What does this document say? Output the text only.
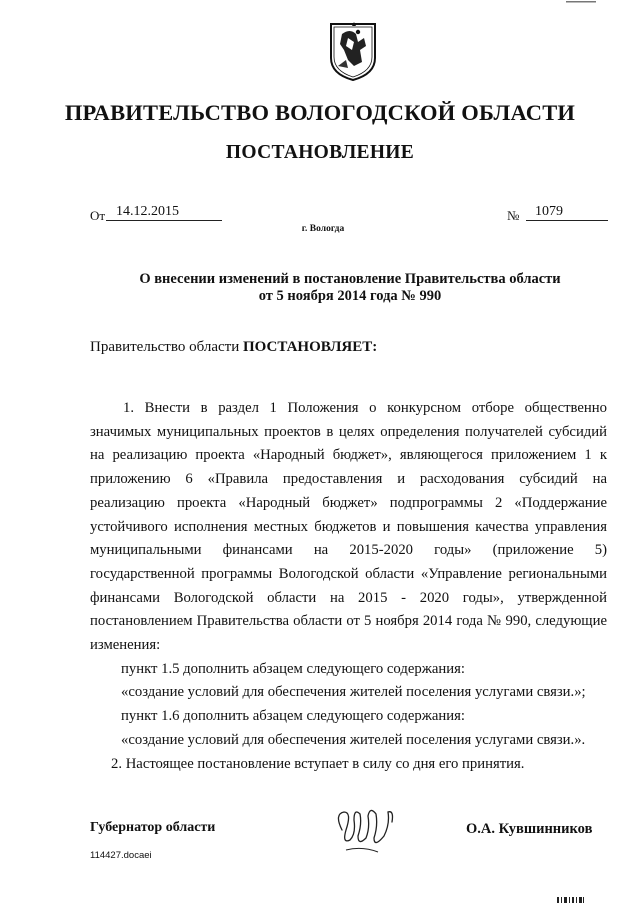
ПРАВИТЕЛЬСТВО ВОЛОГОДСКОЙ ОБЛАСТИ
ПОСТАНОВЛЕНИЕ
От 14.12.2015	№	1079
г. Вологда
О внесении изменений в постановление Правительства области
от 5 ноября 2014 года № 990
Правительство области ПОСТАНОВЛЯЕТ:

1. Внести в раздел 1 Положения о конкурсном отборе общественно значимых муниципальных проектов в целях определения получателей субсидий на реализацию проекта «Народный бюджет», являющегося приложением 1 к приложению 6 «Правила предоставления и расходования субсидий на реализацию проекта «Народный бюджет» подпрограммы 2 «Поддержание устойчивого исполнения местных бюджетов и повышения качества управления муниципальными финансами на 2015-2020 годы» (приложение 5) государственной программы Вологодской области «Управление региональными финансами Вологодской области на 2015 - 2020 годы», утвержденной постановлением Правительства области от 5 ноября 2014 года № 990, следующие изменения:

пункт 1.5 дополнить абзацем следующего содержания:

«создание условий для обеспечения жителей поселения услугами связи.»;

пункт 1.6 дополнить абзацем следующего содержания:

«создание условий для обеспечения жителей поселения услугами связи.».

2. Настоящее постановление вступает в силу со дня его принятия.

Губернатор области	О.А. Кувшинников
114427.docaei
